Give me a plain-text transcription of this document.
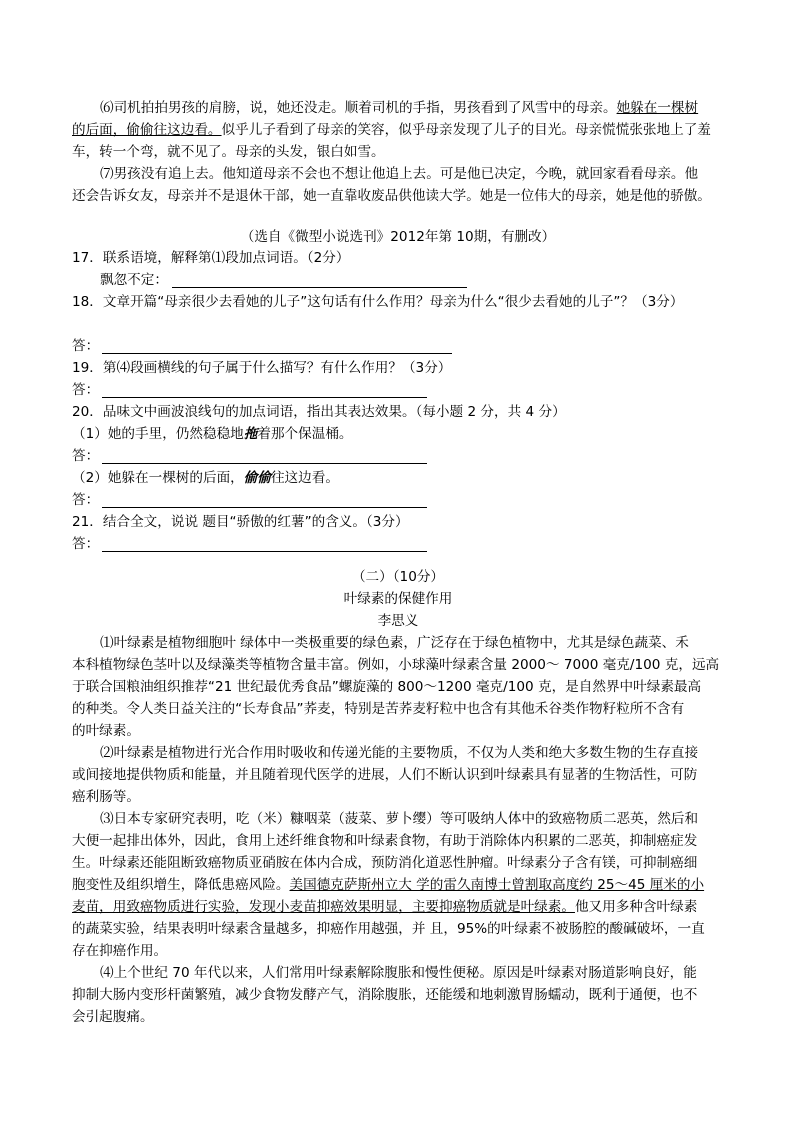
⑹司机拍拍男孩的肩膀，说，她还没走。顺着司机的手指，男孩看到了风雪中的母亲。她躲在一棵树
的后面，偷偷往这边看。似乎儿子看到了母亲的笑容，似乎母亲发现了儿子的目光。母亲慌慌张张地上了羞
车，转一个弯，就不见了。母亲的头发，银白如雪。
⑺男孩没有追上去。他知道母亲不会也不想让他追上去。可是他已决定，今晚，就回家看看母亲。他
还会告诉女友，母亲并不是退休干部，她一直靠收废品供他读大学。她是一位伟大的母亲，她是他的骄傲。
（选自《微型小说选刊》2012年第 10期，有删改）
17．联系语境，解释第⑴段加点词语。（2分）
飘忽不定：
18．文章开篇“母亲很少去看她的儿子”这句话有什么作用？母亲为什么“很少去看她的儿子”？（3分）
答：
19．第⑷段画横线的句子属于什么描写？有什么作用？（3分）
答：
20．品味文中画波浪线句的加点词语，指出其表达效果。（每小题 2 分，共 4 分）
（1）她的手里，仍然稳稳地拖着那个保温桶。
答：
（2）她躲在一棵树的后面，偷偷往这边看。
答：
21．结合全文，说说 题目“骄傲的红薯”的含义。（3分）
答：
（二）（10分）
叶绿素的保健作用
李思义
⑴叶绿素是植物细胞叶 绿体中一类极重要的绿色素，广泛存在于绿色植物中，尤其是绿色蔬菜、禾
本科植物绿色茎叶以及绿藻类等植物含量丰富。例如，小球藻叶绿素含量 2000～ 7000 毫克/100 克，远高
于联合国粮油组织推荐“21 世纪最优秀食品”螺旋藻的 800～1200 毫克/100 克，是自然界中叶绿素最高
的种类。令人类日益关注的“长寿食品”荞麦，特别是苦荞麦籽粒中也含有其他禾谷类作物籽粒所不含有
的叶绿素。
⑵叶绿素是植物进行光合作用时吸收和传递光能的主要物质，不仅为人类和绝大多数生物的生存直接
或间接地提供物质和能量，并且随着现代医学的进展，人们不断认识到叶绿素具有显著的生物活性，可防
癌利肠等。
⑶日本专家研究表明，吃（米）糠咽菜（菠菜、萝卜缨）等可吸纳人体中的致癌物质二恶英，然后和
大便一起排出体外，因此，食用上述纤维食物和叶绿素食物，有助于消除体内积累的二恶英，抑制癌症发
生。叶绿素还能阻断致癌物质亚硝胺在体内合成，预防消化道恶性肿瘤。叶绿素分子含有镁，可抑制癌细
胞变性及组织增生，降低患癌风险。美国德克萨斯州立大 学的雷久南博士曾割取高度约 25～45 厘米的小
麦苗，用致癌物质进行实验，发现小麦苗抑癌效果明显，主要抑癌物质就是叶绿素。他又用多种含叶绿素
的蔬菜实验，结果表明叶绿素含量越多，抑癌作用越强，并 且，95%的叶绿素不被肠腔的酸碱破坏，一直
存在抑癌作用。
⑷上个世纪 70 年代以来，人们常用叶绿素解除腹胀和慢性便秘。原因是叶绿素对肠道影响良好，能
抑制大肠内变形杆菌繁殖，减少食物发酵产气，消除腹胀，还能缓和地刺激胃肠蠕动，既利于通便，也不
会引起腹痛。
